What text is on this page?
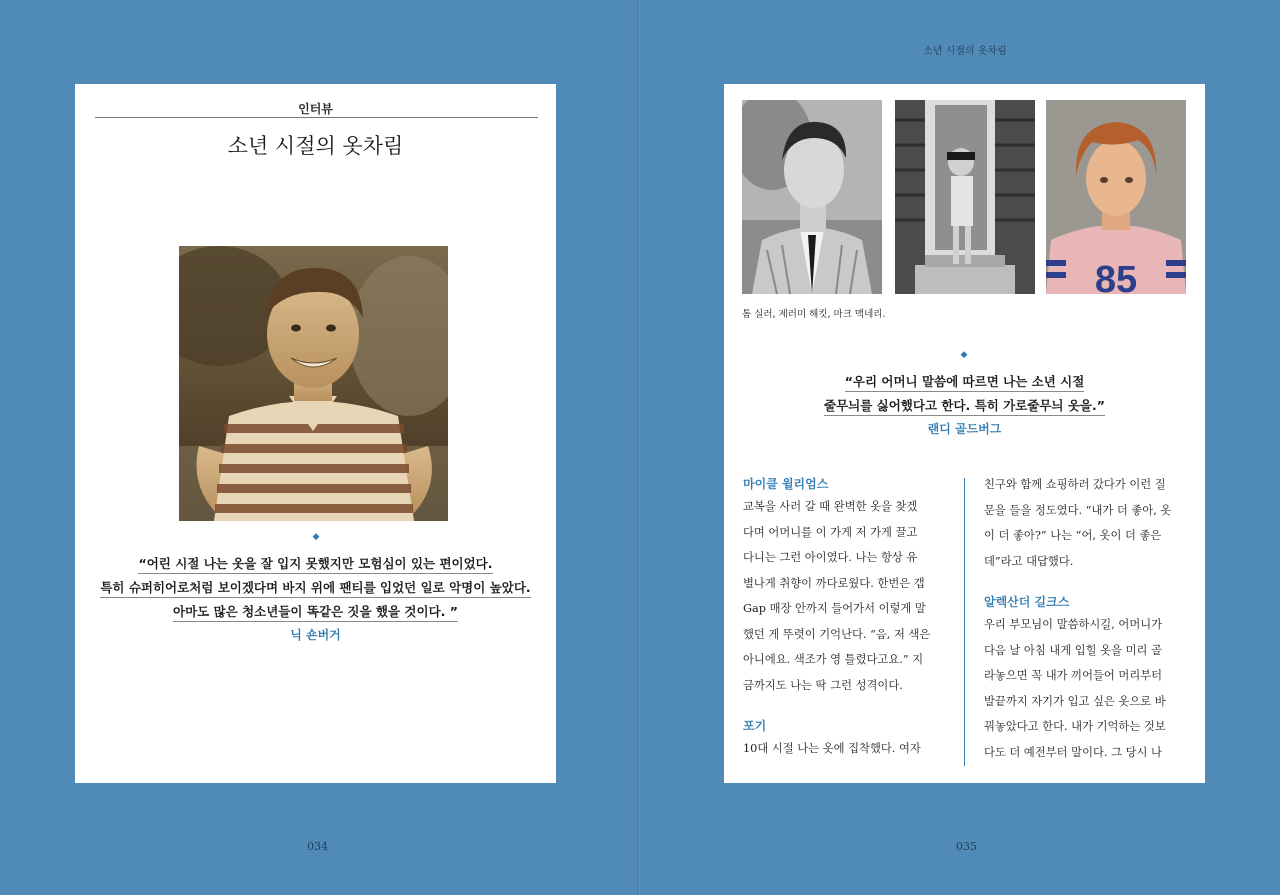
인터뷰
소년 시절의 옷차림
◆
“어린 시절 나는 옷을 잘 입지 못했지만 모험심이 있는 편이었다.
특히 슈퍼히어로처럼 보이겠다며 바지 위에 팬티를 입었던 일로 악명이 높았다.
아마도 많은 청소년들이 똑같은 짓을 했을 것이다. ”
닉 숀버거
034
소년 시절의 옷차림
85
톰 실러, 제러미 해킷, 마크 맥네리.
◆
“우리 어머니 말씀에 따르면 나는 소년 시절
줄무늬를 싫어했다고 한다. 특히 가로줄무늬 옷을.”
랜디 골드버그
마이클 윌리엄스
교복을 사러 갈 때 완벽한 옷을 찾겠
다며 어머니를 이 가게 저 가게 끌고
다니는 그런 아이였다. 나는 항상 유
별나게 취향이 까다로웠다. 한번은 갭
Gap 매장 안까지 들어가서 이렇게 말
했던 게 뚜렷이 기억난다. “음, 저 색은
아니에요. 색조가 영 틀렸다고요.” 지
금까지도 나는 딱 그런 성격이다.
포기
10대 시절 나는 옷에 집착했다. 여자
친구와 함께 쇼핑하러 갔다가 이런 질
문을 들을 정도였다. “내가 더 좋아, 옷
이 더 좋아?” 나는 “어, 옷이 더 좋은
데”라고 대답했다.
알렉산더 길크스
우리 부모님이 말씀하시길, 어머니가
다음 날 아침 내게 입힐 옷을 미리 골
라놓으면 꼭 내가 끼어들어 머리부터
발끝까지 자기가 입고 싶은 옷으로 바
꿔놓았다고 한다. 내가 기억하는 것보
다도 더 예전부터 말이다. 그 당시 나
035
